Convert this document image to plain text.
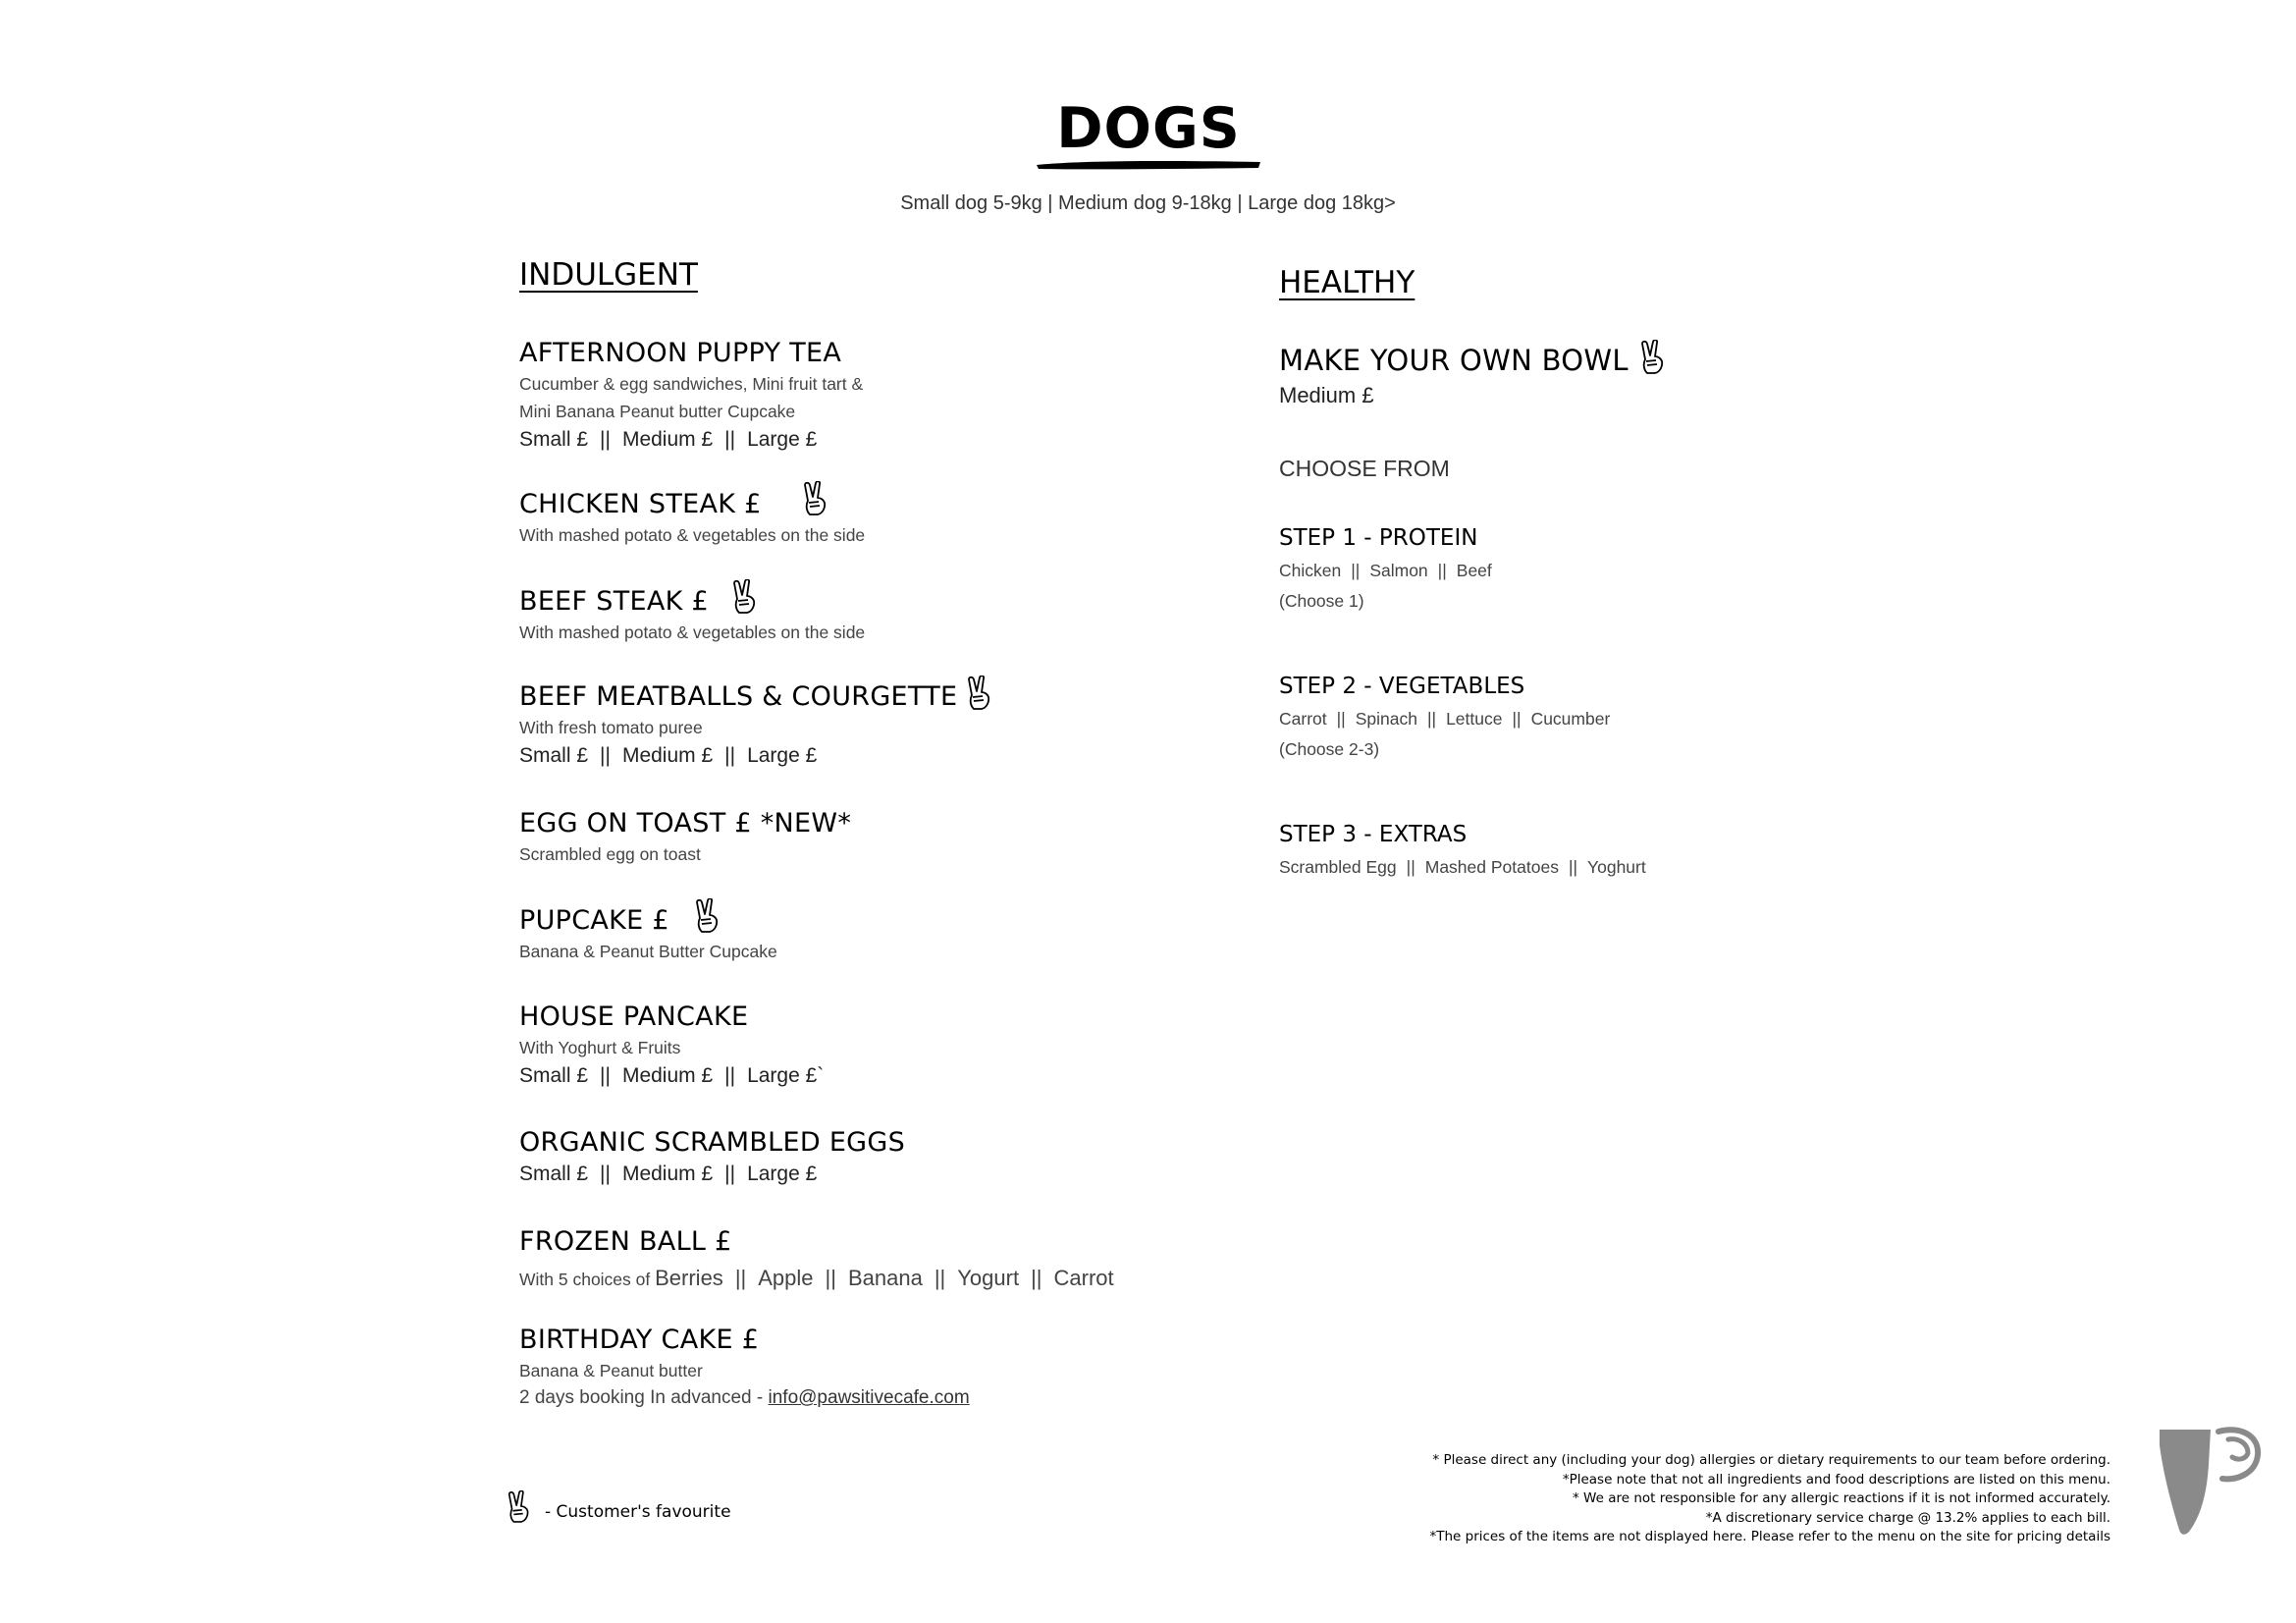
DOGS
Small dog 5-9kg | Medium dog 9-18kg | Large dog 18kg>
INDULGENT
AFTERNOON PUPPY TEA
Cucumber & egg sandwiches, Mini fruit tart &
Mini Banana Peanut butter Cupcake
Small £ || Medium £ || Large £
CHICKEN STEAK £
With mashed potato & vegetables on the side
BEEF STEAK £
With mashed potato & vegetables on the side
BEEF MEATBALLS & COURGETTE
With fresh tomato puree
Small £ || Medium £ || Large £
EGG ON TOAST £ *NEW*
Scrambled egg on toast
PUPCAKE £
Banana & Peanut Butter Cupcake
HOUSE PANCAKE
With Yoghurt & Fruits
Small £ || Medium £ || Large £`
ORGANIC SCRAMBLED EGGS
Small £ || Medium £ || Large £
FROZEN BALL £
With 5 choices of Berries || Apple || Banana || Yogurt || Carrot
BIRTHDAY CAKE £
Banana & Peanut butter
2 days booking In advanced - info@pawsitivecafe.com
HEALTHY
MAKE YOUR OWN BOWL
Medium £
CHOOSE FROM
STEP 1 - PROTEIN
Chicken || Salmon || Beef
(Choose 1)
STEP 2 - VEGETABLES
Carrot || Spinach || Lettuce || Cucumber
(Choose 2-3)
STEP 3 - EXTRAS
Scrambled Egg || Mashed Potatoes || Yoghurt
- Customer's favourite
* Please direct any (including your dog) allergies or dietary requirements to our team before ordering.
*Please note that not all ingredients and food descriptions are listed on this menu.
* We are not responsible for any allergic reactions if it is not informed accurately.
*A discretionary service charge @ 13.2% applies to each bill.
*The prices of the items are not displayed here. Please refer to the menu on the site for pricing details
